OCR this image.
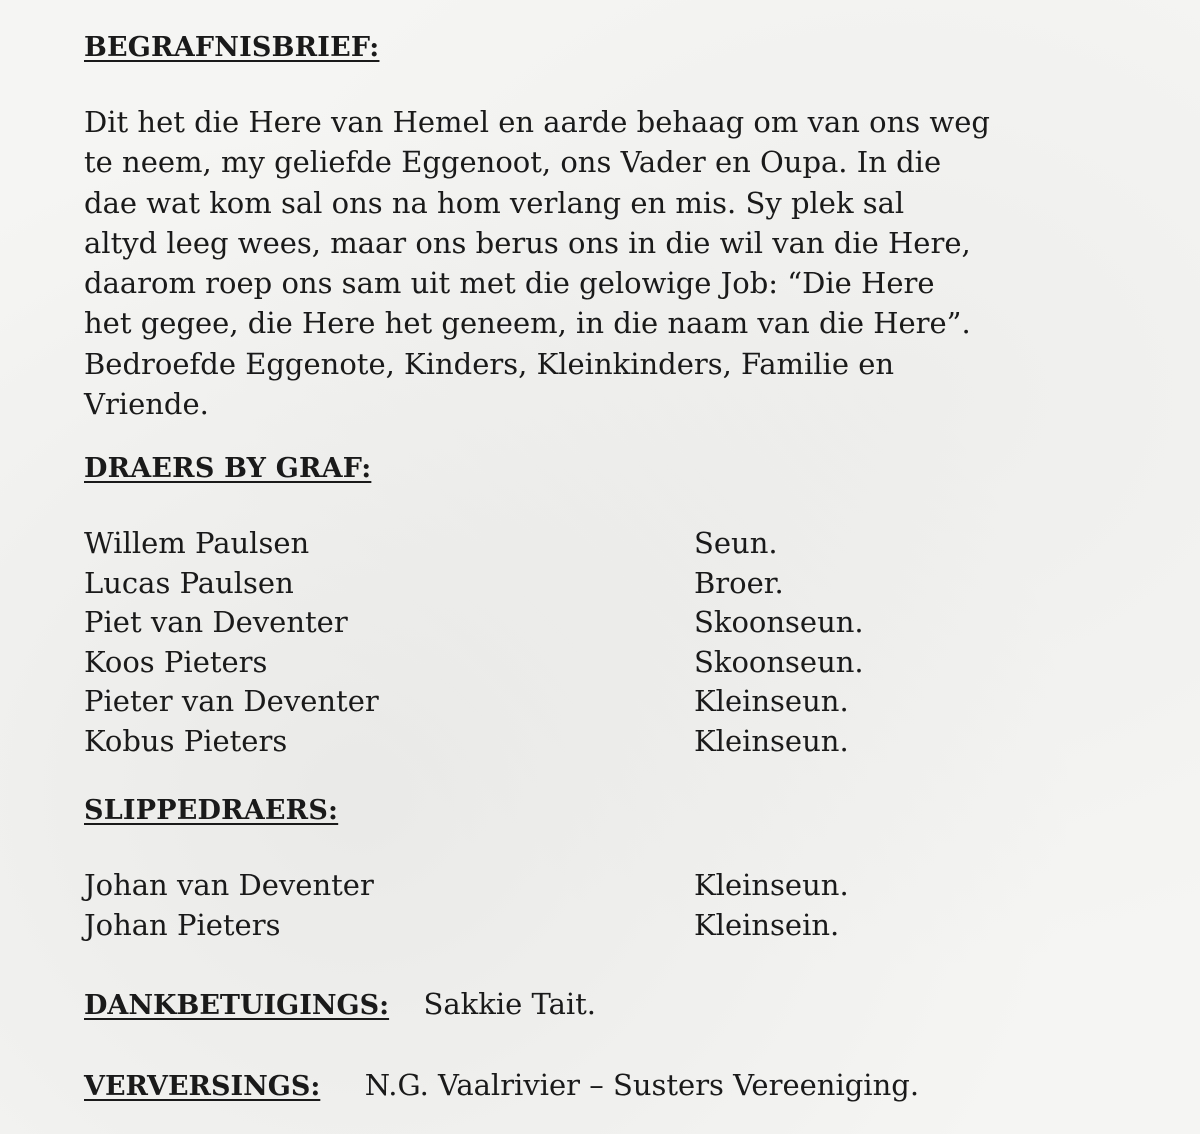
BEGRAFNISBRIEF:

Dit het die Here van Hemel en aarde behaag om van ons weg
te neem, my geliefde Eggenoot, ons Vader en Oupa. In die
dae wat kom sal ons na hom verlang en mis. Sy plek sal
altyd leeg wees, maar ons berus ons in die wil van die Here,
daarom roep ons sam uit met die gelowige Job: “Die Here
het gegee, die Here het geneem, in die naam van die Here”.
Bedroefde Eggenote, Kinders, Kleinkinders, Familie en
Vriende.

DRAERS BY GRAF:
Willem Paulsen	Seun.
Lucas Paulsen	Broer.
Piet van Deventer	Skoonseun.
Koos Pieters	Skoonseun.
Pieter van Deventer	Kleinseun.
Kobus Pieters	Kleinseun.
SLIPPEDRAERS:
Johan van Deventer	Kleinseun.
Johan Pieters	Kleinsein.
DANKBETUIGINGS: Sakkie Tait.
VERVERSINGS: N.G. Vaalrivier – Susters Vereeniging.
